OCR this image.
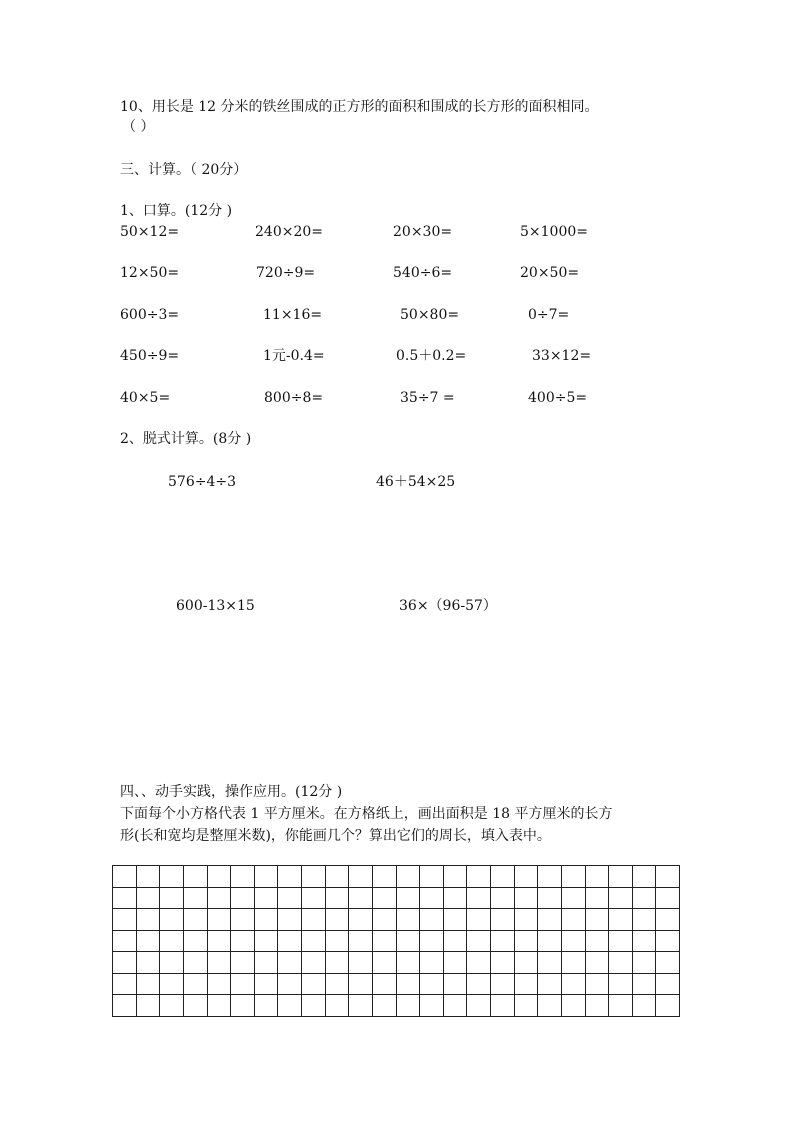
10、用长是 12 分米的铁丝围成的正方形的面积和围成的长方形的面积相同。
（ ）
三、计算。（ 20分）
1、口算。(12分 )
50×12=	240×20=	20×30=	5×1000=
12×50=	720÷9=	540÷6=	20×50=
600÷3=	11×16=	50×80=	0÷7=
450÷9=	1元-0.4=	0.5＋0.2=	33×12=
40×5=	800÷8=	35÷7 =	400÷5=
2、脱式计算。(8分 )
576÷4÷3	46＋54×25
600-13×15	36×（96-57）
四、、动手实践，操作应用。(12分 )
下面每个小方格代表 1 平方厘米。在方格纸上，画出面积是 18 平方厘米的长方
形(长和宽均是整厘米数)，你能画几个？算出它们的周长，填入表中。
